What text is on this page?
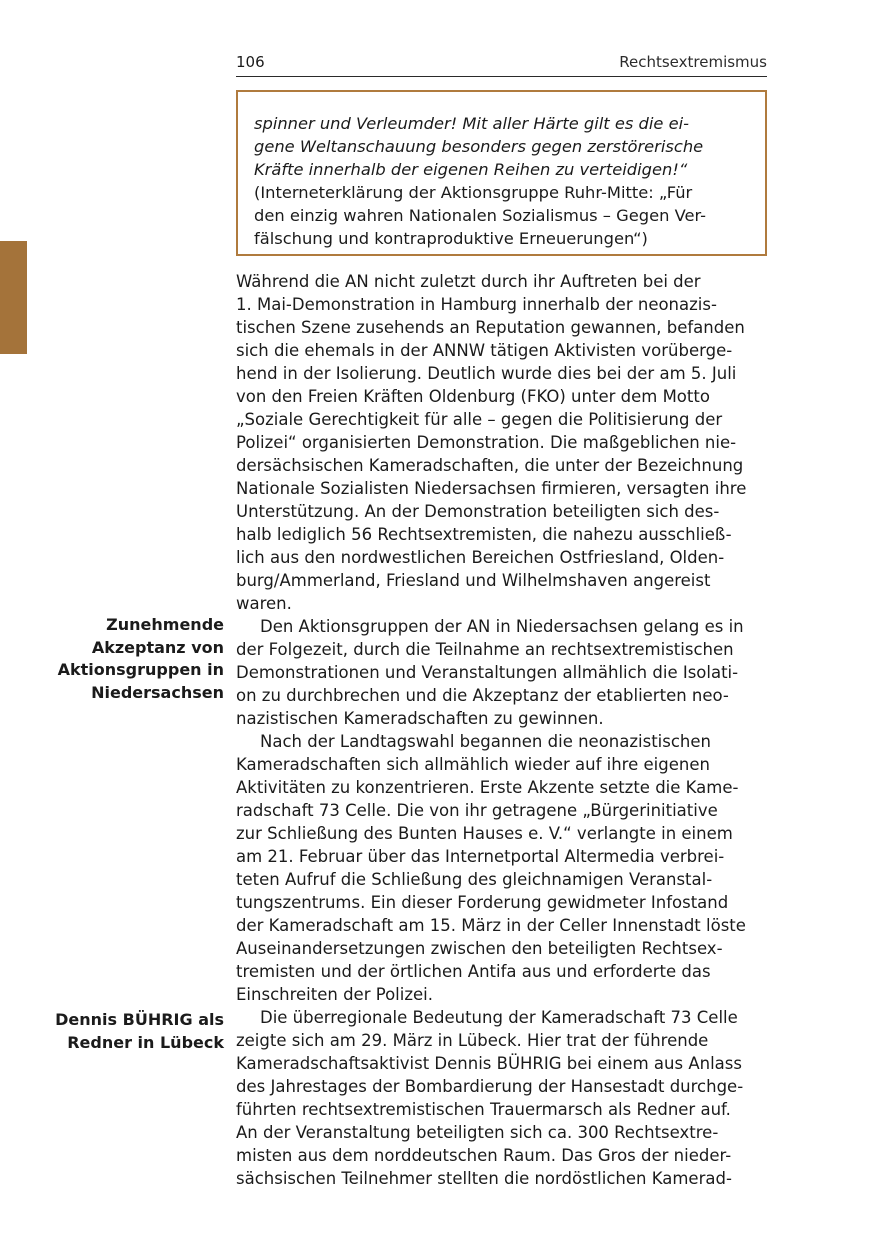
106	Rechtsextremismus
spinner und Verleumder! Mit aller Härte gilt es die ei-
gene Weltanschauung besonders gegen zerstörerische
Kräfte innerhalb der eigenen Reihen zu verteidigen!“
(Interneterklärung der Aktionsgruppe Ruhr-Mitte: „Für
den einzig wahren Nationalen Sozialismus – Gegen Ver-
fälschung und kontraproduktive Erneuerungen“)
Zunehmende
Akzeptanz von
Aktionsgruppen in
Niedersachsen
Dennis BÜHRIG als
Redner in Lübeck
Während die AN nicht zuletzt durch ihr Auftreten bei der
1. Mai-Demonstration in Hamburg innerhalb der neonazis-
tischen Szene zusehends an Reputation gewannen, befanden
sich die ehemals in der ANNW tätigen Aktivisten vorüberge-
hend in der Isolierung. Deutlich wurde dies bei der am 5. Juli
von den Freien Kräften Oldenburg (FKO) unter dem Motto
„Soziale Gerechtigkeit für alle – gegen die Politisierung der
Polizei“ organisierten Demonstration. Die maßgeblichen nie-
dersächsischen Kameradschaften, die unter der Bezeichnung
Nationale Sozialisten Niedersachsen firmieren, versagten ihre
Unterstützung. An der Demonstration beteiligten sich des-
halb lediglich 56 Rechtsextremisten, die nahezu ausschließ-
lich aus den nordwestlichen Bereichen Ostfriesland, Olden-
burg/Ammerland, Friesland und Wilhelmshaven angereist
waren.
Den Aktionsgruppen der AN in Niedersachsen gelang es in
der Folgezeit, durch die Teilnahme an rechtsextremistischen
Demonstrationen und Veranstaltungen allmählich die Isolati-
on zu durchbrechen und die Akzeptanz der etablierten neo-
nazistischen Kameradschaften zu gewinnen.
Nach der Landtagswahl begannen die neonazistischen
Kameradschaften sich allmählich wieder auf ihre eigenen
Aktivitäten zu konzentrieren. Erste Akzente setzte die Kame-
radschaft 73 Celle. Die von ihr getragene „Bürgerinitiative
zur Schließung des Bunten Hauses e. V.“ verlangte in einem
am 21. Februar über das Internetportal Altermedia verbrei-
teten Aufruf die Schließung des gleichnamigen Veranstal-
tungszentrums. Ein dieser Forderung gewidmeter Infostand
der Kameradschaft am 15. März in der Celler Innenstadt löste
Auseinandersetzungen zwischen den beteiligten Rechtsex-
tremisten und der örtlichen Antifa aus und erforderte das
Einschreiten der Polizei.
Die überregionale Bedeutung der Kameradschaft 73 Celle
zeigte sich am 29. März in Lübeck. Hier trat der führende
Kameradschaftsaktivist Dennis BÜHRIG bei einem aus Anlass
des Jahrestages der Bombardierung der Hansestadt durchge-
führten rechtsextremistischen Trauermarsch als Redner auf.
An der Veranstaltung beteiligten sich ca. 300 Rechtsextre-
misten aus dem norddeutschen Raum. Das Gros der nieder-
sächsischen Teilnehmer stellten die nordöstlichen Kamerad-
